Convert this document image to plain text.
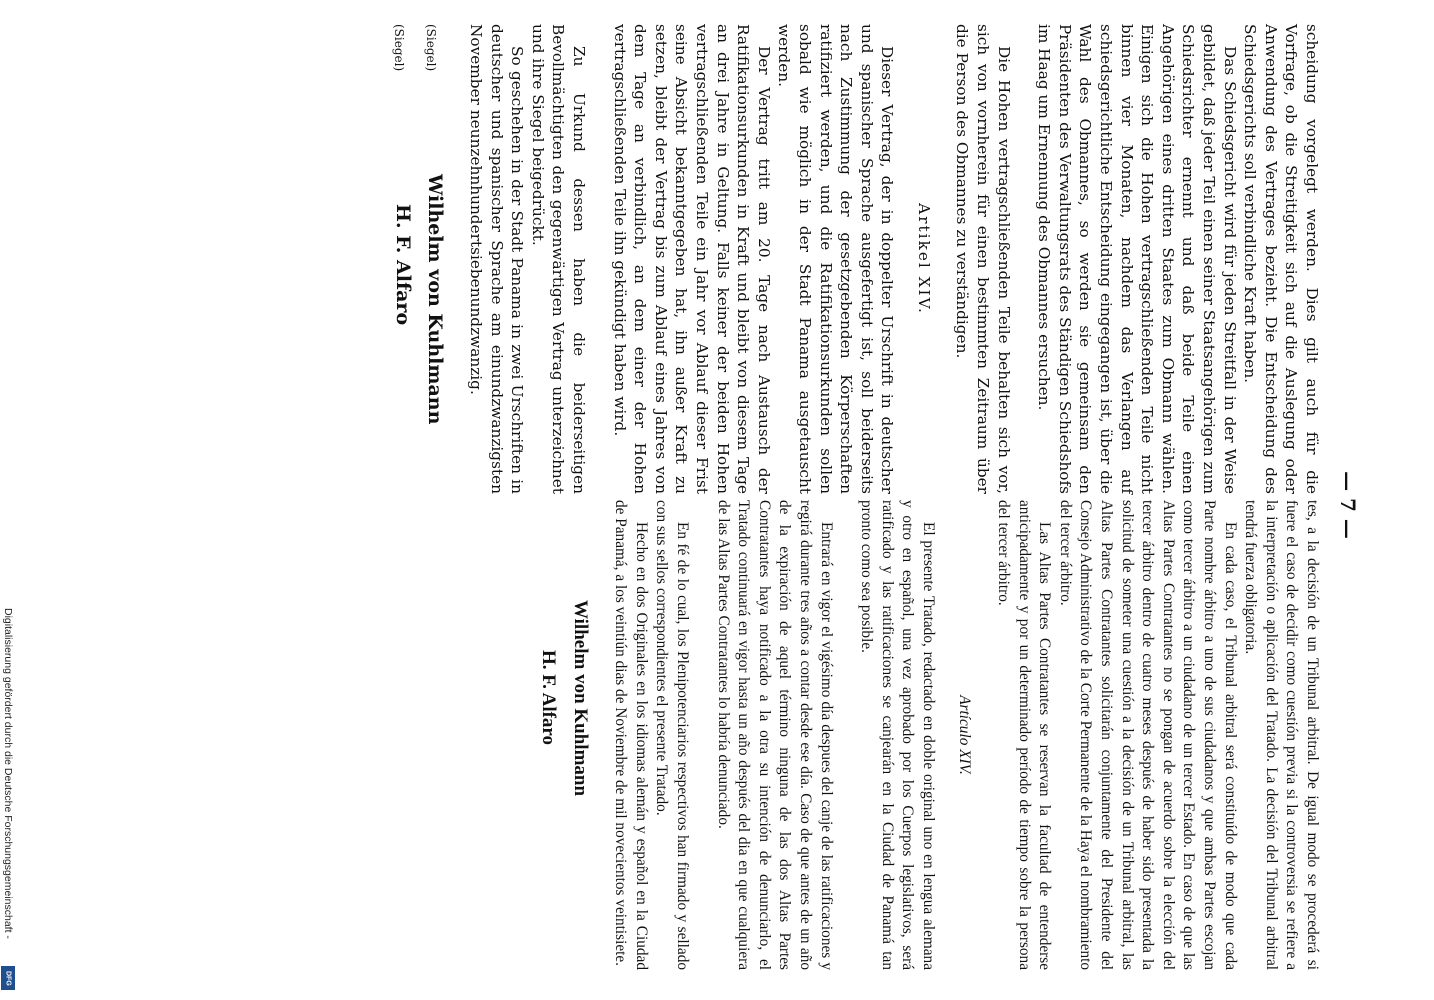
— 7 —

scheidung vorgelegt werden. Dies gilt auch für die Vorfrage, ob die Streitigkeit sich auf die Auslegung oder Anwendung des Vertrages bezieht. Die Entscheidung des Schiedsgerichts soll verbindliche Kraft haben.

Das Schiedsgericht wird für jeden Streitfall in der Weise gebildet, daß jeder Teil einen seiner Staatsangehörigen zum Schiedsrichter ernennt und daß beide Teile einen Angehörigen eines dritten Staates zum Obmann wählen. Einigen sich die Hohen vertragschließenden Teile nicht binnen vier Monaten, nachdem das Verlangen auf schiedsgerichtliche Entscheidung eingegangen ist, über die Wahl des Obmannes, so werden sie gemeinsam den Präsidenten des Verwaltungsrats des Ständigen Schiedshofs im Haag um Ernennung des Obmannes ersuchen.

Die Hohen vertragschließenden Teile behalten sich vor, sich von vornherein für einen bestimmten Zeitraum über die Person des Obmannes zu verständigen.

Artikel XIV.

Dieser Vertrag, der in doppelter Urschrift in deutscher und spanischer Sprache ausgefertigt ist, soll beiderseits nach Zustimmung der gesetzgebenden Körperschaften ratifiziert werden, und die Ratifikationsurkunden sollen sobald wie möglich in der Stadt Panama ausgetauscht werden.

Der Vertrag tritt am 20. Tage nach Austausch der Ratifikationsurkunden in Kraft und bleibt von diesem Tage an drei Jahre in Geltung. Falls keiner der beiden Hohen vertragschließenden Teile ein Jahr vor Ablauf dieser Frist seine Absicht bekanntgegeben hat, ihn außer Kraft zu setzen, bleibt der Vertrag bis zum Ablauf eines Jahres von dem Tage an verbindlich, an dem einer der Hohen vertragschließenden Teile ihn gekündigt haben wird.

Zu Urkund dessen haben die beiderseitigen Bevollmächtigten den gegenwärtigen Vertrag unterzeichnet und ihre Siegel beigedrückt.

So geschehen in der Stadt Panama in zwei Urschriften in deutscher und spanischer Sprache am einundzwanzigsten November neunzehnhundertsiebenundzwanzig.

(Siegel)
Wilhelm von Kuhlmann
(Siegel)
H. F. Alfaro

tes, a la decisión de un Tribunal arbitral. De igual modo se procederá si fuere el caso de decidir como cuestión previa si la controversia se refiere a la interpretación o aplicación del Tratado. La decisión del Tribunal arbitral tendrá fuerza obligatoria.

En cada caso, el Tribunal arbitral será constituído de modo que cada Parte nombre árbitro a uno de sus ciudadanos y que ambas Partes escojan como tercer árbitro a un ciudadano de un tercer Estado. En caso de que las Altas Partes Contratantes no se pongan de acuerdo sobre la elección del tercer árbitro dentro de cuatro meses después de haber sido presentada la solicitud de someter una cuestión a la decisión de un Tribunal arbitral, las Altas Partes Contratantes solicitarán conjuntamente del Presidente del Consejo Administrativo de la Corte Permanente de la Haya el nombramiento del tercer árbitro.

Las Altas Partes Contratantes se reservan la facultad de entenderse anticipadamente y por un determinado período de tiempo sobre la persona del tercer árbitro.

Artículo XIV.

El presente Tratado, redactado en doble original uno en lengua alemana y otro en español, una vez aprobado por los Cuerpos legislativos, será ratificado y las ratificaciones se canjearán en la Ciudad de Panamá tan pronto como sea posible.

Entrará en vigor el vigésimo día despues del canje de las ratificaciones y regirá durante tres años a contar desde ese día. Caso de que antes de un año de la expiración de aquel término ninguna de las dos Altas Partes Contratantes haya notificado a la otra su intención de denunciarlo, el Tratado continuará en vigor hasta un año después del dia en que cualquiera de las Altas Partes Contratantes lo habría denunciado.

En fé de lo cual, los Plenipotenciarios respectivos han firmado y sellado con sus sellos correspondientes el presente Tratado.

Hecho en dos Originales en los idiomas alemán y español en la Ciudad de Panamá, a los veintiún dias de Noviembre de mil novecientos veintisiete.

Wilhelm von Kuhlmann
H. F. Alfaro
Digitalisierung gefördert durch die Deutsche Forschungsgemeinschaft -
DFG
